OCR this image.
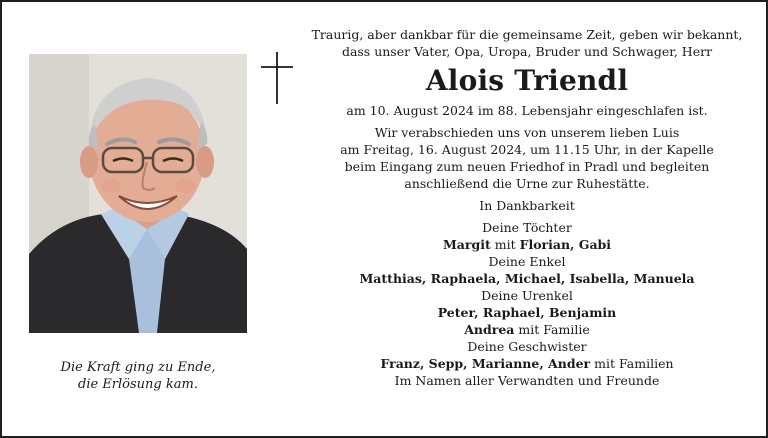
Die Kraft ging zu Ende,
die Erlösung kam.
Traurig, aber dankbar für die gemeinsame Zeit, geben wir bekannt,
dass unser Vater, Opa, Uropa, Bruder und Schwager, Herr
Alois Triendl
am 10. August 2024 im 88. Lebensjahr eingeschlafen ist.
Wir verabschieden uns von unserem lieben Luis
am Freitag, 16. August 2024, um 11.15 Uhr, in der Kapelle
beim Eingang zum neuen Friedhof in Pradl und begleiten
anschließend die Urne zur Ruhestätte.
In Dankbarkeit
Deine Töchter
Margit mit Florian, Gabi
Deine Enkel
Matthias, Raphaela, Michael, Isabella, Manuela
Deine Urenkel
Peter, Raphael, Benjamin
Andrea mit Familie
Deine Geschwister
Franz, Sepp, Marianne, Ander mit Familien
Im Namen aller Verwandten und Freunde
